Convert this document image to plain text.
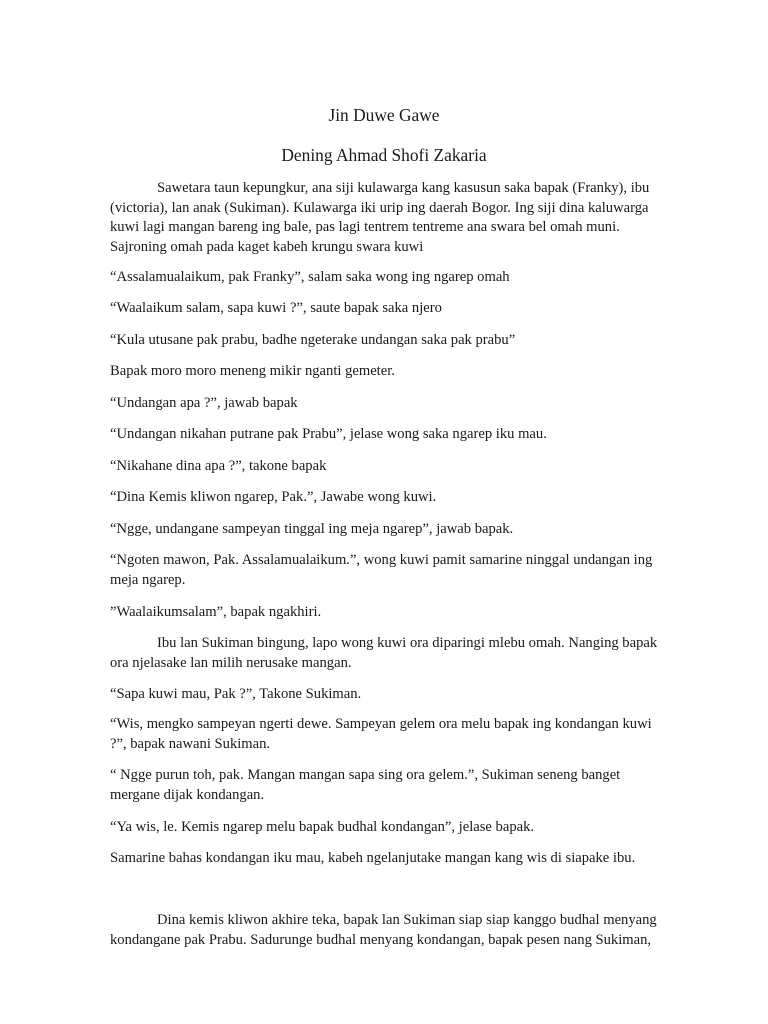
Jin Duwe Gawe
Dening Ahmad Shofi Zakaria
Sawetara taun kepungkur, ana siji kulawarga kang kasusun saka bapak (Franky), ibu
(victoria), lan anak (Sukiman). Kulawarga iki urip ing daerah Bogor. Ing siji dina kaluwarga
kuwi lagi mangan bareng ing bale, pas lagi tentrem tentreme ana swara bel omah muni.
Sajroning omah pada kaget kabeh krungu swara kuwi
“Assalamualaikum, pak Franky”, salam saka wong ing ngarep omah
“Waalaikum salam, sapa kuwi ?”, saute bapak saka njero
“Kula utusane pak prabu, badhe ngeterake undangan saka pak prabu”
Bapak moro moro meneng mikir nganti gemeter.
“Undangan apa ?”, jawab bapak
“Undangan nikahan putrane pak Prabu”, jelase wong saka ngarep iku mau.
“Nikahane dina apa ?”, takone bapak
“Dina Kemis kliwon ngarep, Pak.”, Jawabe wong kuwi.
“Ngge, undangane sampeyan tinggal ing meja ngarep”, jawab bapak.
“Ngoten mawon, Pak. Assalamualaikum.”, wong kuwi pamit samarine ninggal undangan ing
meja ngarep.
”Waalaikumsalam”, bapak ngakhiri.
Ibu lan Sukiman bingung, lapo wong kuwi ora diparingi mlebu omah. Nanging bapak
ora njelasake lan milih nerusake mangan.
“Sapa kuwi mau, Pak ?”, Takone Sukiman.
“Wis, mengko sampeyan ngerti dewe. Sampeyan gelem ora melu bapak ing kondangan kuwi
?”, bapak nawani Sukiman.
“ Ngge purun toh, pak. Mangan mangan sapa sing ora gelem.”, Sukiman seneng banget
mergane dijak kondangan.
“Ya wis, le. Kemis ngarep melu bapak budhal kondangan”, jelase bapak.
Samarine bahas kondangan iku mau, kabeh ngelanjutake mangan kang wis di siapake ibu.
Dina kemis kliwon akhire teka, bapak lan Sukiman siap siap kanggo budhal menyang
kondangane pak Prabu. Sadurunge budhal menyang kondangan, bapak pesen nang Sukiman,
